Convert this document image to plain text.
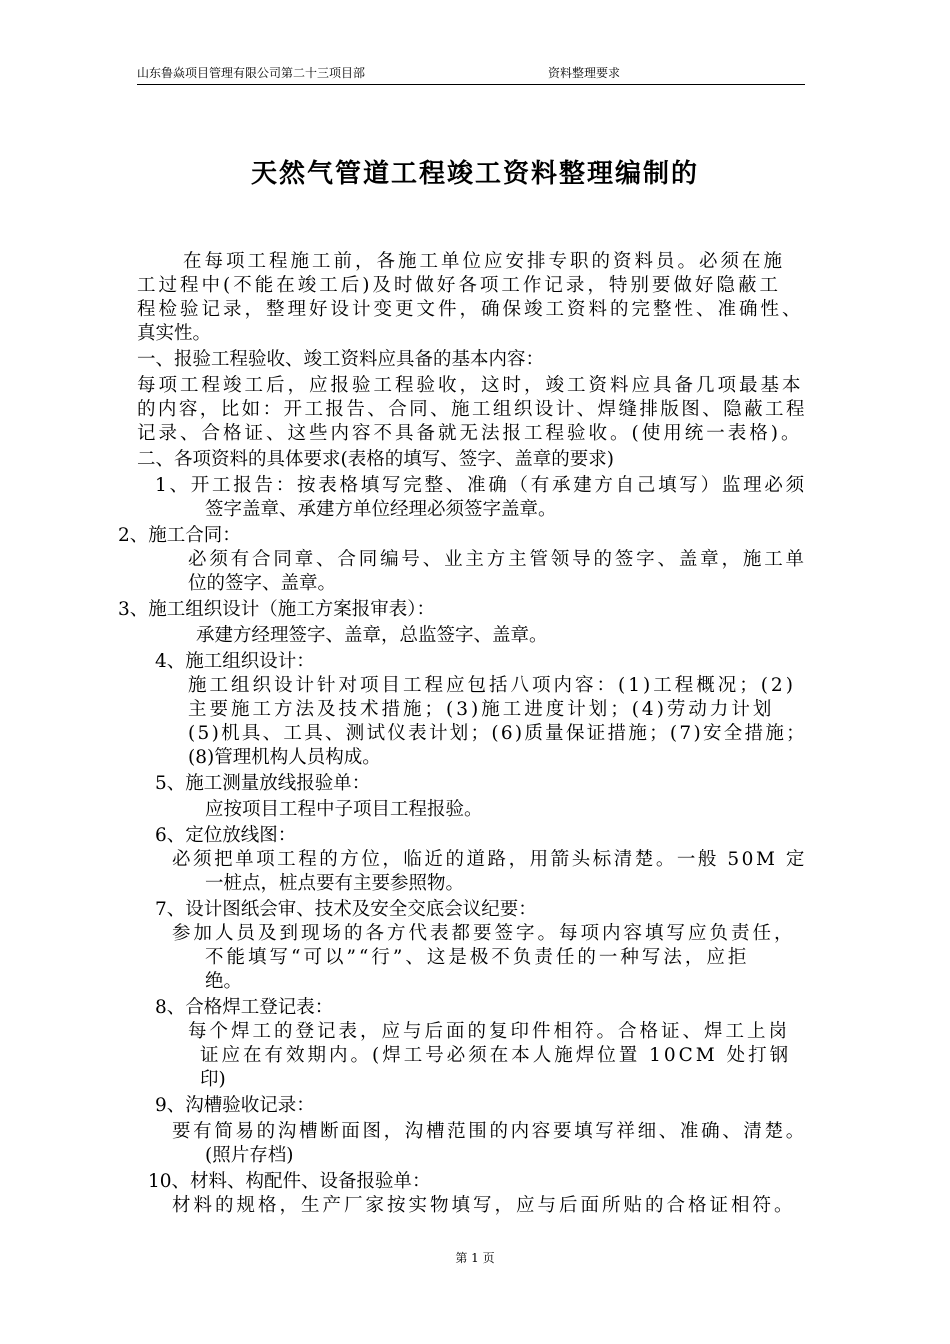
山东鲁焱项目管理有限公司第二十三项目部	资料整理要求
天然气管道工程竣工资料整理编制的
在每项工程施工前，各施工单位应安排专职的资料员。必须在施
工过程中(不能在竣工后)及时做好各项工作记录，特别要做好隐蔽工
程检验记录，整理好设计变更文件，确保竣工资料的完整性、准确性、
真实性。
一、报验工程验收、竣工资料应具备的基本内容：
每项工程竣工后，应报验工程验收，这时，竣工资料应具备几项最基本
的内容，比如：开工报告、合同、施工组织设计、焊缝排版图、隐蔽工程
记录、合格证、这些内容不具备就无法报工程验收。(使用统一表格)。
二、各项资料的具体要求(表格的填写、签字、盖章的要求)
1、开工报告：按表格填写完整、准确（有承建方自己填写）监理必须
签字盖章、承建方单位经理必须签字盖章。
2、施工合同：
必须有合同章、合同编号、业主方主管领导的签字、盖章，施工单
位的签字、盖章。
3、施工组织设计（施工方案报审表）：
承建方经理签字、盖章，总监签字、盖章。
4、施工组织设计：
施工组织设计针对项目工程应包括八项内容：(1)工程概况；(2)
主要施工方法及技术措施；(3)施工进度计划；(4)劳动力计划
(5)机具、工具、测试仪表计划；(6)质量保证措施；(7)安全措施；
(8)管理机构人员构成。
5、施工测量放线报验单：
应按项目工程中子项目工程报验。
6、定位放线图：
必须把单项工程的方位，临近的道路，用箭头标清楚。一般 50M 定
一桩点，桩点要有主要参照物。
7、设计图纸会审、技术及安全交底会议纪要：
参加人员及到现场的各方代表都要签字。每项内容填写应负责任，
不能填写“可以”“行”、这是极不负责任的一种写法，应拒
绝。
8、合格焊工登记表：
每个焊工的登记表，应与后面的复印件相符。合格证、焊工上岗
证应在有效期内。(焊工号必须在本人施焊位置 10CM 处打钢
印)
9、沟槽验收记录：
要有简易的沟槽断面图，沟槽范围的内容要填写祥细、准确、清楚。
(照片存档)
10、材料、构配件、设备报验单：
材料的规格，生产厂家按实物填写，应与后面所贴的合格证相符。
第 1 页
